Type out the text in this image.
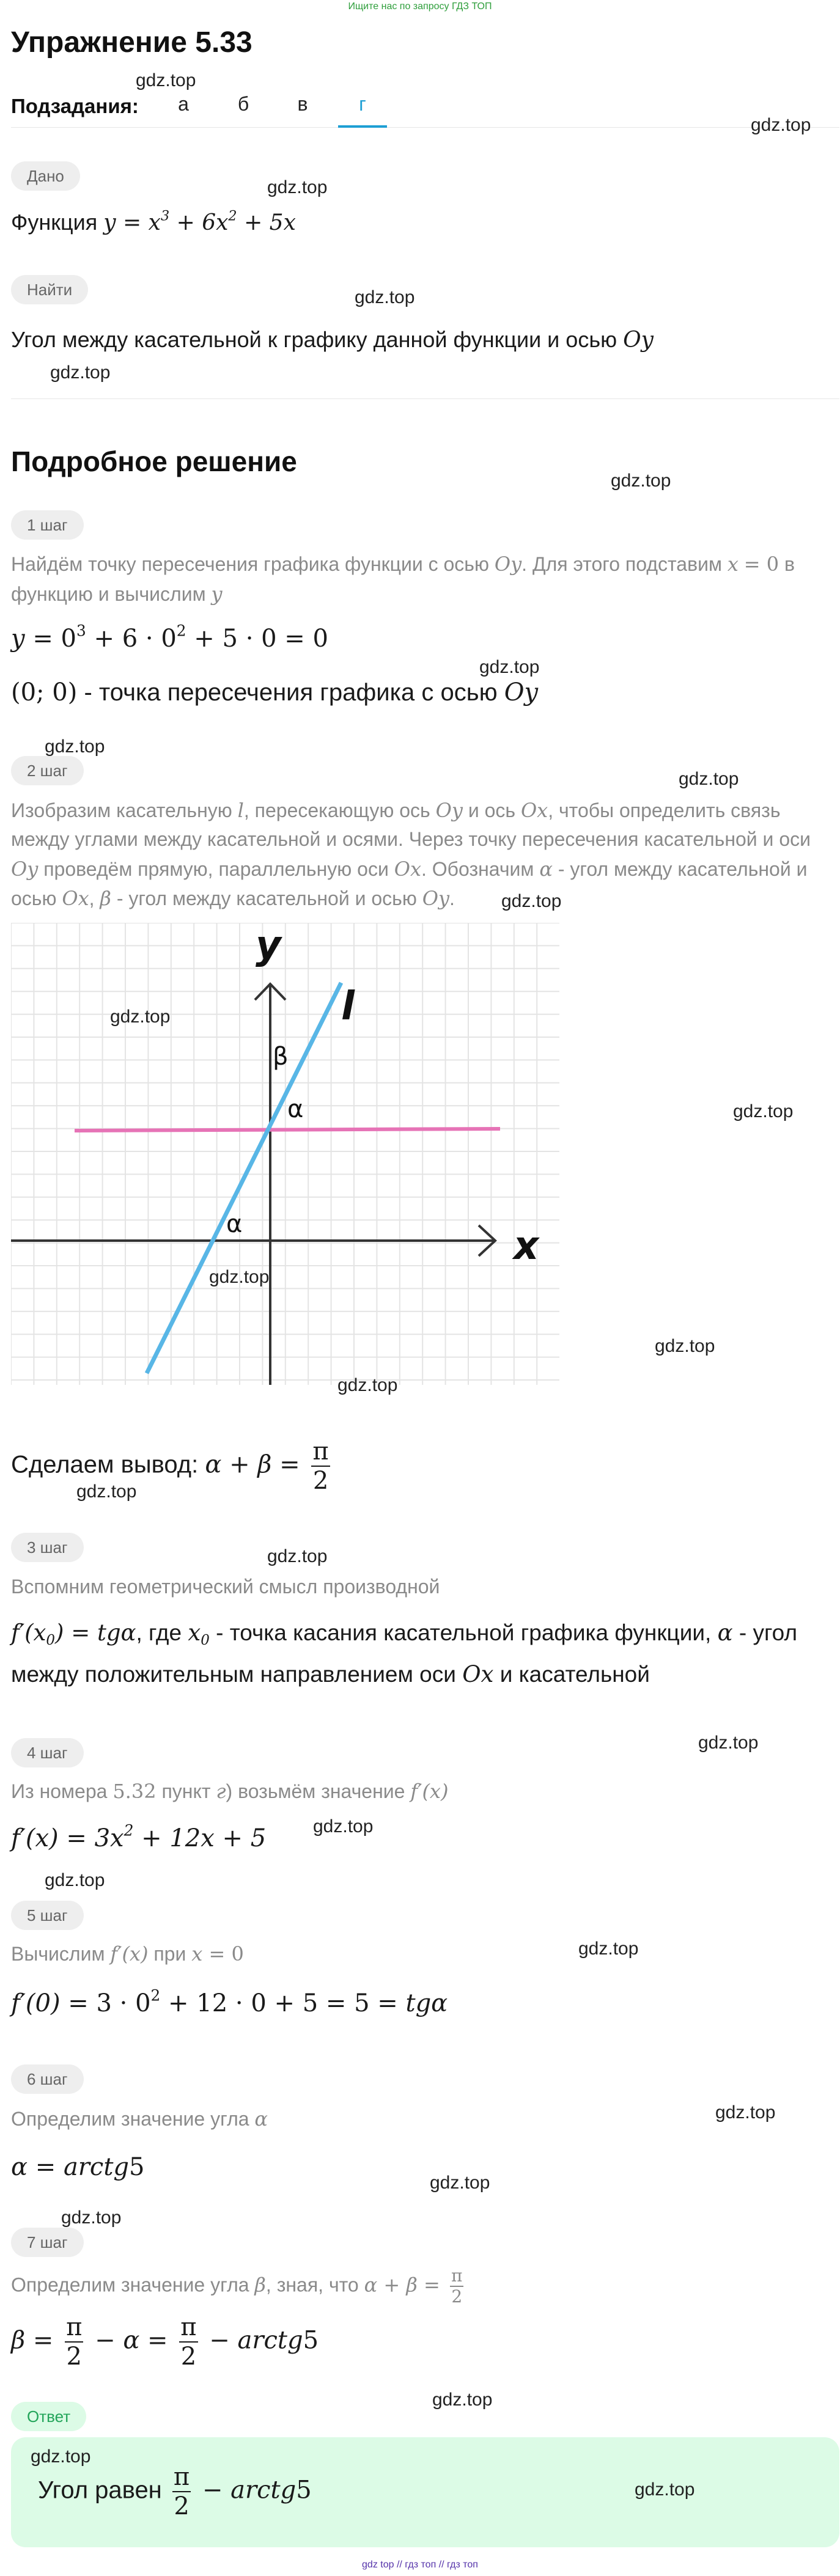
Ищите нас по запросу ГДЗ ТОП
Упражнение 5.33
Подзадания:	а	б	в	г
Дано
Функция $y = x^3 + 6x^2 + 5x$
Найти
Угол между касательной к графику данной функции и осью Oy
Подробное решение
1 шаг
Найдём точку пересечения графика функции с осью Oy. Для этого подставим x = 0 в
функцию и вычислим y
$y = 0^3 + 6 \cdot 0^2 + 5 \cdot 0 = 0$
(0; 0) - точка пересечения графика с осью Oy
2 шаг
Изобразим касательную l, пересекающую ось Oy и ось Ox, чтобы определить связь
между углами между касательной и осями. Через точку пересечения касательной и оси
Oy проведём прямую, параллельную оси Ox. Обозначим α - угол между касательной и
осью Ox, β - угол между касательной и осью Oy.
y
x
l
β
α
α
Сделаем вывод: $\alpha + \beta = \frac{\pi}{2}$
3 шаг
Вспомним геометрический смысл производной
$f'(x_0) = tg\alpha$, где $x_0$ - точка касания касательной графика функции, α - угол
между положительным направлением оси Ox и касательной
4 шаг
Из номера 5.32 пункт г) возьмём значение f′(x)
$f'(x) = 3x^2 + 12x + 5$
5 шаг
Вычислим f′(x) при x = 0
$f'(0) = 3 \cdot 0^2 + 12 \cdot 0 + 5 = 5 = tg\alpha$
6 шаг
Определим значение угла α
α = arctg5
7 шаг
Определим значение угла β, зная, что $\alpha + \beta = \frac{\pi}{2}$
$\beta = \frac{\pi}{2} - \alpha = \frac{\pi}{2}$ − arctg5
Ответ
Угол равен $\frac{\pi}{2}$ − arctg5
gdz.top
gdz.top
gdz.top
gdz.top
gdz.top
gdz.top
gdz.top
gdz.top
gdz.top
gdz.top
gdz.top
gdz.top
gdz.top
gdz.top
gdz.top
gdz.top
gdz.top
gdz.top
gdz.top
gdz.top
gdz.top
gdz.top
gdz.top
gdz.top
gdz.top
gdz.top
gdz.top
gdz top // гдз топ // гдз топ
